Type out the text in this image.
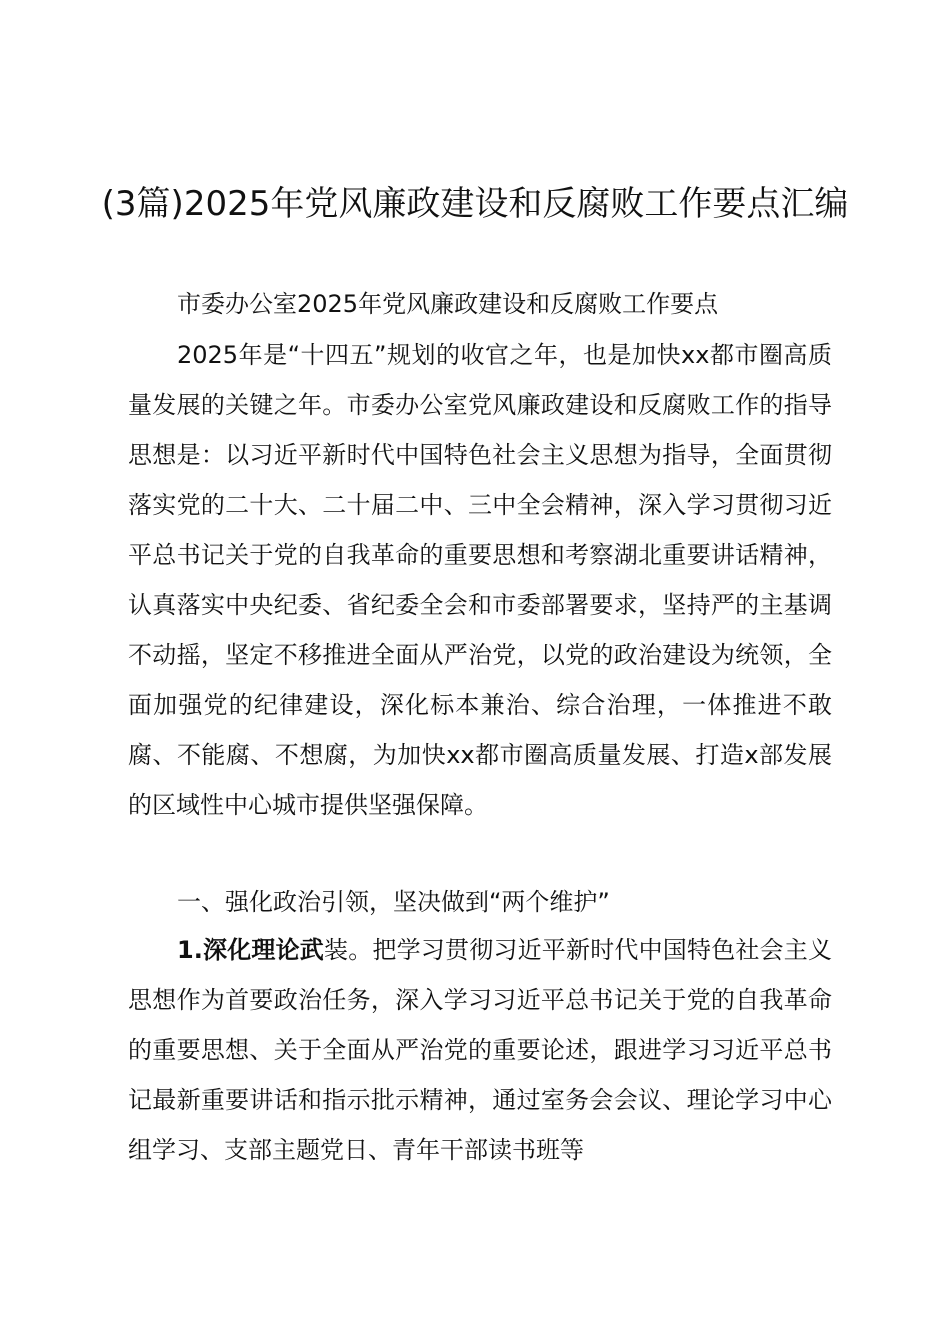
(3篇)2025年党风廉政建设和反腐败工作要点汇编

市委办公室2025年党风廉政建设和反腐败工作要点

2025年是“十四五”规划的收官之年，也是加快xx都市圈高质量发展的关键之年。市委办公室党风廉政建设和反腐败工作的指导思想是：以习近平新时代中国特色社会主义思想为指导，全面贯彻落实党的二十大、二十届二中、三中全会精神，深入学习贯彻习近平总书记关于党的自我革命的重要思想和考察湖北重要讲话精神，认真落实中央纪委、省纪委全会和市委部署要求，坚持严的主基调不动摇，坚定不移推进全面从严治党，以党的政治建设为统领，全面加强党的纪律建设，深化标本兼治、综合治理，一体推进不敢腐、不能腐、不想腐，为加快xx都市圈高质量发展、打造x部发展的区域性中心城市提供坚强保障。

一、强化政治引领，坚决做到“两个维护”

1.深化理论武装。把学习贯彻习近平新时代中国特色社会主义思想作为首要政治任务，深入学习习近平总书记关于党的自我革命的重要思想、关于全面从严治党的重要论述，跟进学习习近平总书记最新重要讲话和指示批示精神，通过室务会会议、理论学习中心组学习、支部主题党日、青年干部读书班等
